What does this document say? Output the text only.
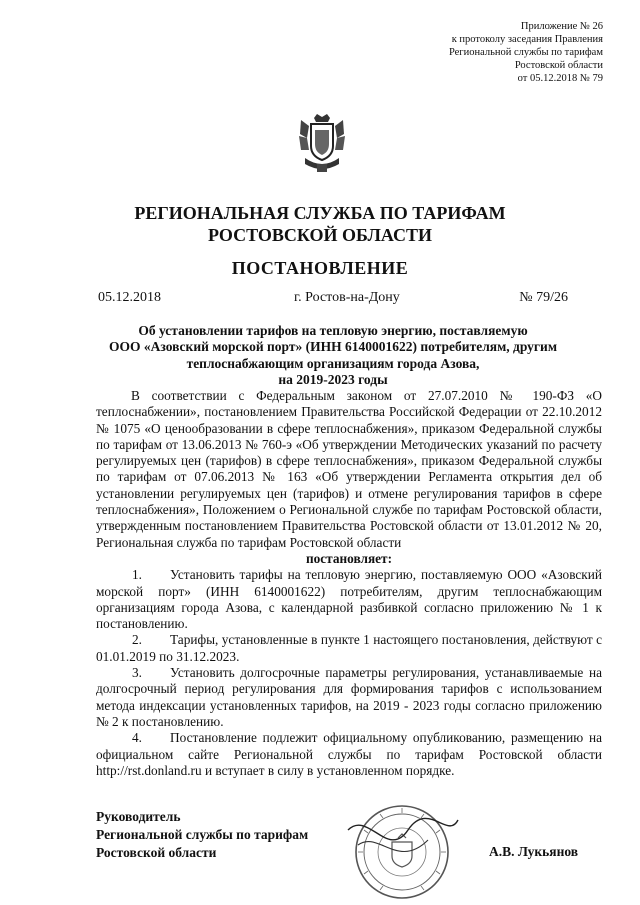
Приложение № 26
к протоколу заседания Правления
Региональной службы по тарифам
Ростовской области
от 05.12.2018 № 79
РЕГИОНАЛЬНАЯ СЛУЖБА ПО ТАРИФАМ
РОСТОВСКОЙ ОБЛАСТИ
ПОСТАНОВЛЕНИЕ
05.12.2018	г. Ростов-на-Дону	№ 79/26
Об установлении тарифов на тепловую энергию, поставляемую
ООО «Азовский морской порт» (ИНН 6140001622) потребителям, другим
теплоснабжающим организациям города Азова,
на 2019-2023 годы

В соответствии с Федеральным законом от 27.07.2010 № 190-ФЗ «О теплоснабжении», постановлением Правительства Российской Федерации от 22.10.2012 № 1075 «О ценообразовании в сфере теплоснабжения», приказом Федеральной службы по тарифам от 13.06.2013 № 760-э «Об утверждении Методических указаний по расчету регулируемых цен (тарифов) в сфере теплоснабжения», приказом Федеральной службы по тарифам от 07.06.2013 № 163 «Об утверждении Регламента открытия дел об установлении регулируемых цен (тарифов) и отмене регулирования тарифов в сфере теплоснабжения», Положением о Региональной службе по тарифам Ростовской области, утвержденным постановлением Правительства Ростовской области от 13.01.2012 № 20, Региональная служба по тарифам Ростовской области

постановляет:

1. Установить тарифы на тепловую энергию, поставляемую ООО «Азовский морской порт» (ИНН 6140001622) потребителям, другим теплоснабжающим организациям города Азова, с календарной разбивкой согласно приложению № 1 к постановлению.

2. Тарифы, установленные в пункте 1 настоящего постановления, действуют с 01.01.2019 по 31.12.2023.

3. Установить долгосрочные параметры регулирования, устанавливаемые на долгосрочный период регулирования для формирования тарифов с использованием метода индексации установленных тарифов, на 2019 - 2023 годы согласно приложению № 2 к постановлению.

4. Постановление подлежит официальному опубликованию, размещению на официальном сайте Региональной службы по тарифам Ростовской области http://rst.donland.ru и вступает в силу в установленном порядке.

Руководитель
Региональной службы по тарифам
Ростовской области	А.В. Лукьянов
